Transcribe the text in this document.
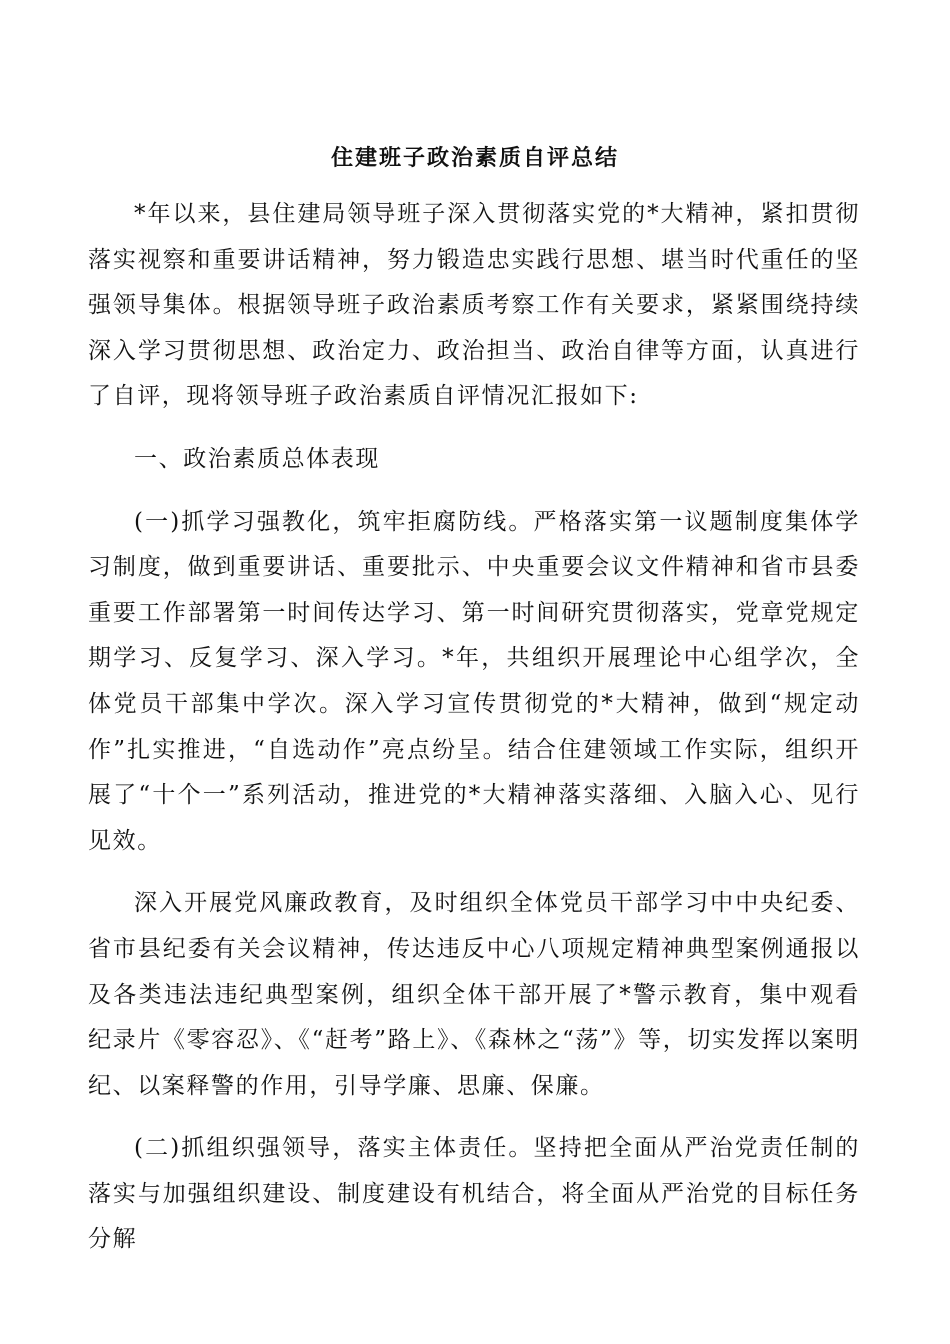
住建班子政治素质自评总结

*年以来，县住建局领导班子深入贯彻落实党的*大精神，紧扣贯彻落实视察和重要讲话精神，努力锻造忠实践行思想、堪当时代重任的坚强领导集体。根据领导班子政治素质考察工作有关要求，紧紧围绕持续深入学习贯彻思想、政治定力、政治担当、政治自律等方面，认真进行了自评，现将领导班子政治素质自评情况汇报如下:

一、政治素质总体表现

(一)抓学习强教化，筑牢拒腐防线。严格落实第一议题制度集体学习制度，做到重要讲话、重要批示、中央重要会议文件精神和省市县委重要工作部署第一时间传达学习、第一时间研究贯彻落实，党章党规定期学习、反复学习、深入学习。*年，共组织开展理论中心组学次，全体党员干部集中学次。深入学习宣传贯彻党的*大精神，做到“规定动作”扎实推进，“自选动作”亮点纷呈。结合住建领域工作实际，组织开展了“十个一”系列活动，推进党的*大精神落实落细、入脑入心、见行见效。

深入开展党风廉政教育，及时组织全体党员干部学习中中央纪委、省市县纪委有关会议精神，传达违反中心八项规定精神典型案例通报以及各类违法违纪典型案例，组织全体干部开展了*警示教育，集中观看纪录片《零容忍》、《“赶考”路上》、《森林之“荡”》等，切实发挥以案明纪、以案释警的作用，引导学廉、思廉、保廉。

(二)抓组织强领导，落实主体责任。坚持把全面从严治党责任制的落实与加强组织建设、制度建设有机结合，将全面从严治党的目标任务分解
